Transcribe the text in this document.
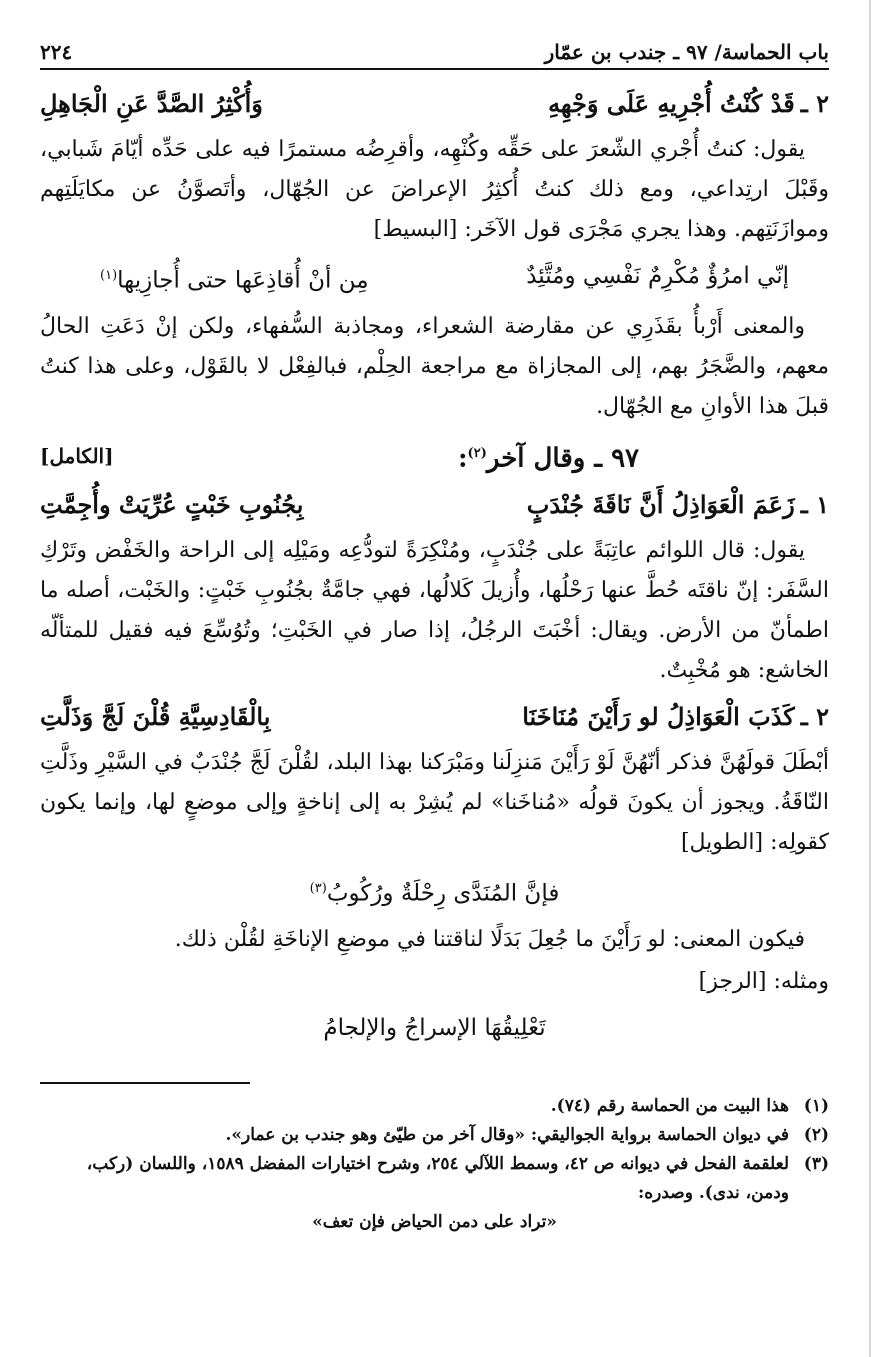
باب الحماسة/ ٩٧ ـ جندب بن عمّار
٢٢٤
٢ ـ
قَدْ كُنْتُ أُجْرِيهِ عَلَى وَجْهِهِ
وَأُكْثِرُ الصَّدَّ عَنِ الْجَاهِلِ

يقول: كنتُ أُجْري الشّعرَ على حَقِّه وكُنْهِه، وأقرِضُه مستمرًا فيه على حَدِّه أيّامَ شَبابي، وقَبْلَ ارتِداعي، ومع ذلك كنتُ أُكثِرُ الإعراضَ عن الجُهّال، وأتَصوَّنُ عن مكايَلَتِهم وموازَنَتِهم. وهذا يجري مَجْرَى قول الآخَر: [البسيط]

إنّي امرُؤٌ مُكْرِمٌ نَفْسِي ومُتَّئِدٌ
مِن أنْ أُقاذِعَها حتى أُجازِيها$^{(١)}$

والمعنى أَرْبأُ بقَذَرِي عن مقارضة الشعراء، ومجاذبة السُّفهاء، ولكن إنْ دَعَتِ الحالُ معهم، والضَّجَرُ بهم، إلى المجازاة مع مراجعة الحِلْم، فبالفِعْل لا بالقَوْل، وعلى هذا كنتُ قبلَ هذا الأوانِ مع الجُهّال.

٩٧ ـ وقال آخر$^{(٢)}$:
[الكامل]
١ ـ
زَعَمَ الْعَوَاذِلُ أَنَّ نَاقَةَ جُنْدَبٍ
بِجُنُوبِ خَبْتٍ عُرِّيَتْ وأُجِمَّتِ

يقول: قال اللوائم عاتِبَةً على جُنْدَبٍ، ومُنْكِرَةً لتودُّعِه ومَيْلِه إلى الراحة والخَفْض وتَرْكِ السَّفَر: إنّ ناقتَه حُطَّ عنها رَحْلُها، وأُزيلَ كَلالُها، فهي جامَّةٌ بجُنُوبِ خَبْتٍ: والخَبْت، أصله ما اطمأنّ من الأرض. ويقال: أخْبَتَ الرجُلُ، إذا صار في الخَبْتِ؛ وتُوُسِّعَ فيه فقيل للمتألّه الخاشع: هو مُخْبِتٌ.

٢ ـ
كَذَبَ الْعَوَاذِلُ لو رَأَيْنَ مُنَاخَنَا
بِالْقَادِسِيَّةِ قُلْنَ لَجَّ وَذَلَّتِ

أبْطَلَ قولَهُنَّ فذكر أنّهُنَّ لَوْ رَأَيْنَ مَنزِلَنا ومَبْرَكنا بهذا البلد، لقُلْنَ لَجَّ جُنْدَبٌ في السَّيْرِ وذَلَّتِ النّاقَةُ. ويجوز أن يكونَ قولُه «مُناخَنا» لم يُشِرْ به إلى إناخةٍ وإلى موضعٍ لها، وإنما يكون كقولِه: [الطويل]

فإنَّ المُنَدَّى رِحْلَةٌ ورُكُوبُ$^{(٣)}$

فيكون المعنى: لو رَأَيْنَ ما جُعِلَ بَدَلًا لناقتنا في موضعِ الإناخَةِ لقُلْن ذلك.

ومثله: [الرجز]

تَعْلِيقُهَا الإسراجُ والإلجامُ
(١)
هذا البيت من الحماسة رقم (٧٤).
(٢)
في ديوان الحماسة برواية الجواليقي: «وقال آخر من طيّئ وهو جندب بن عمار».
(٣)
لعلقمة الفحل في ديوانه ص ٤٢، وسمط اللآلي ٢٥٤، وشرح اختيارات المفضل ١٥٨٩، واللسان (ركب، ودمن، ندى). وصدره:
«تراد على دمن الحياض فإن تعف»
